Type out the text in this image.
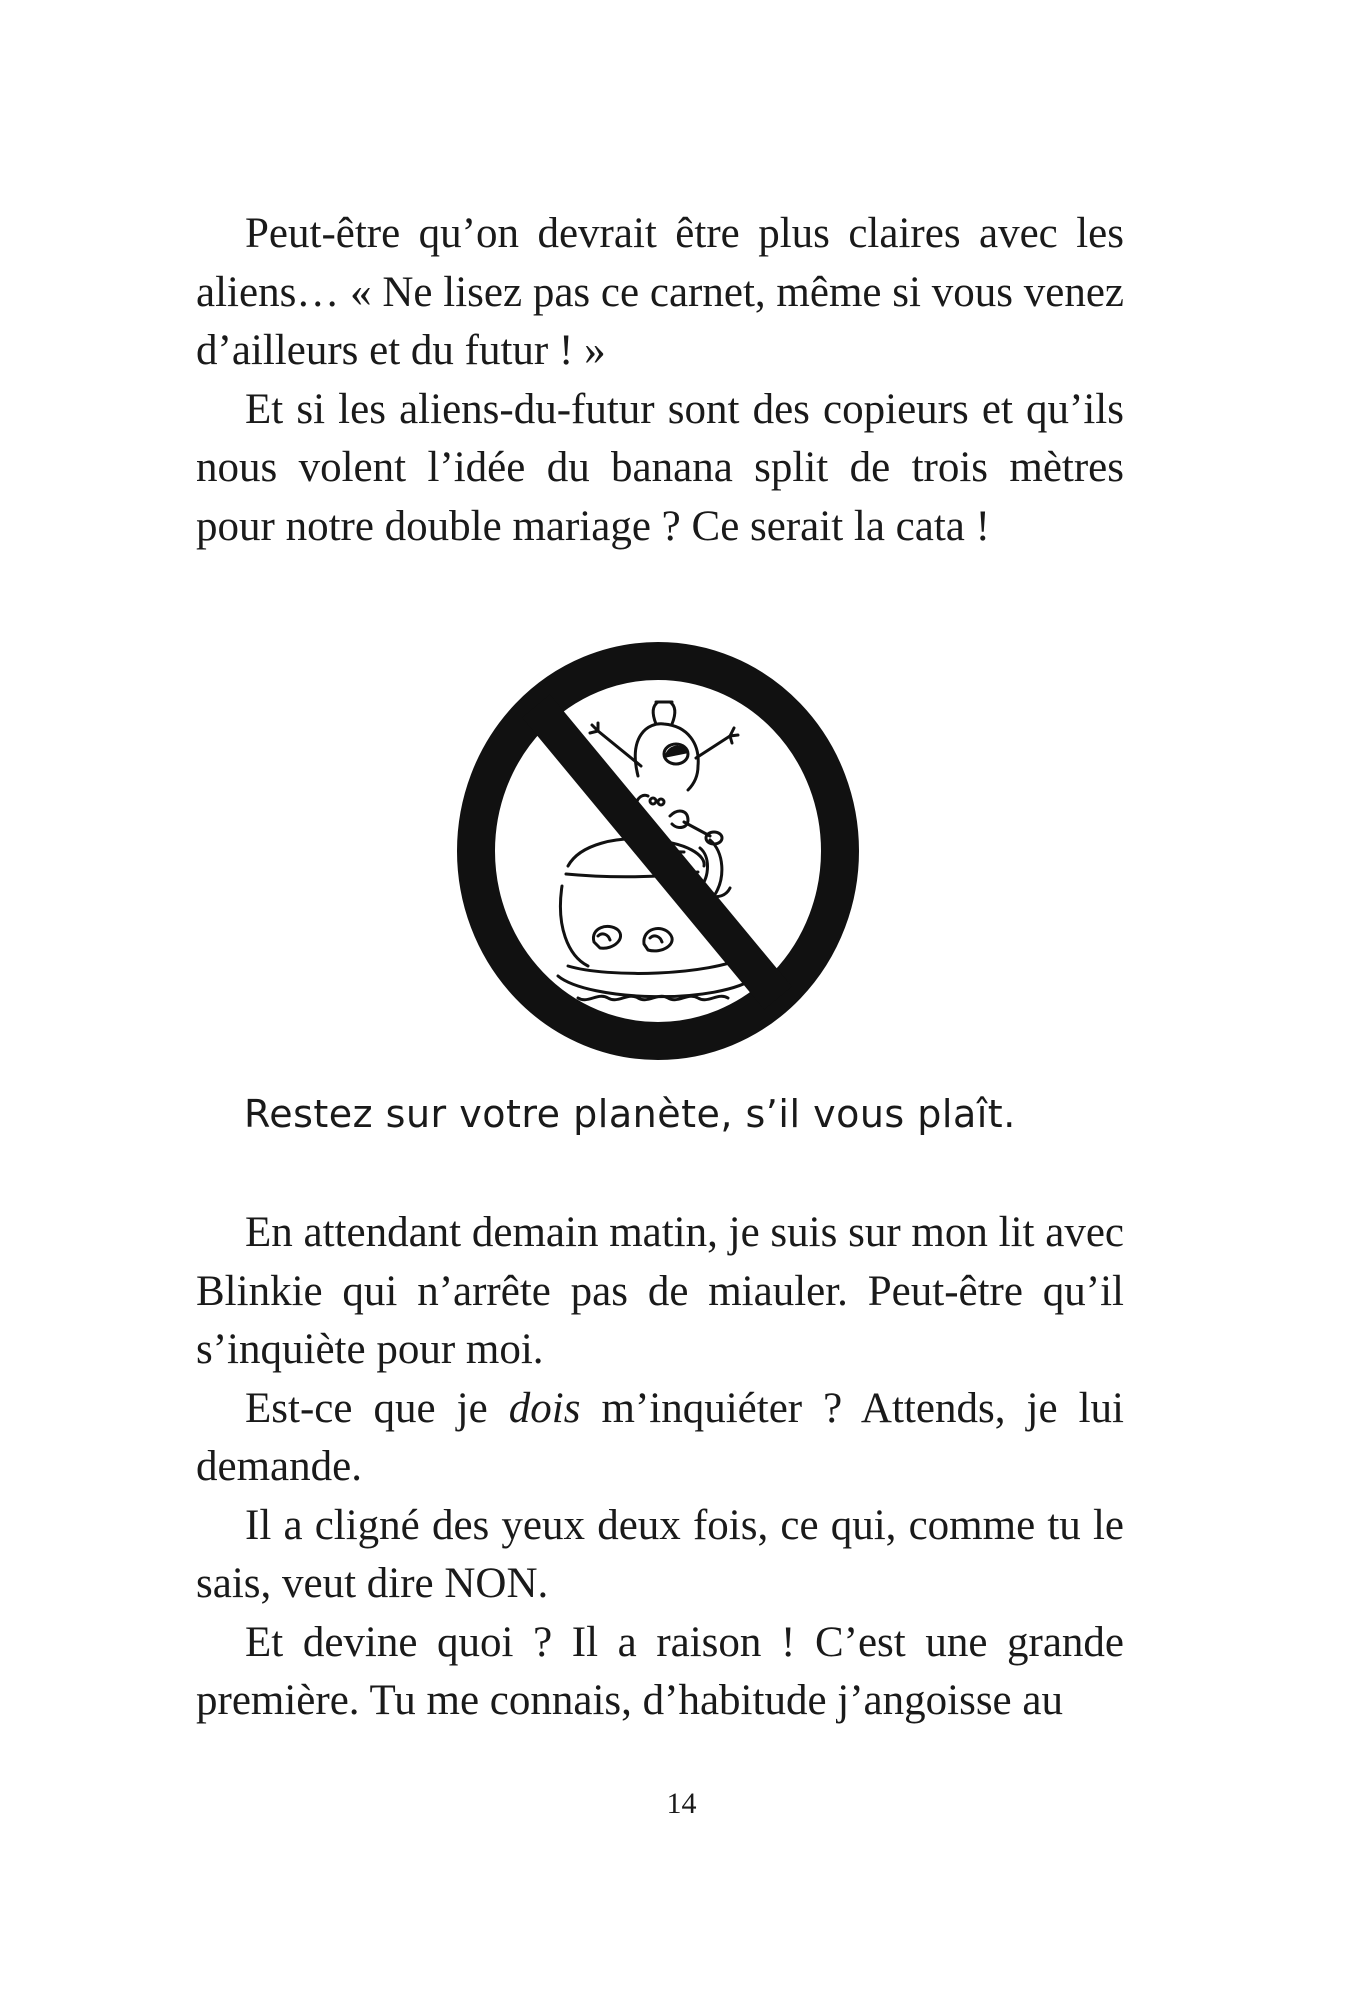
Peut-être qu’on devrait être plus claires avec les aliens… « Ne lisez pas ce carnet, même si vous venez d’ailleurs et du futur ! »

Et si les aliens-du-futur sont des copieurs et qu’ils nous volent l’idée du banana split de trois mètres pour notre double mariage ? Ce serait la cata !

Restez sur votre planète, s’il vous plaît.

En attendant demain matin, je suis sur mon lit avec Blinkie qui n’arrête pas de miauler. Peut-être qu’il s’inquiète pour moi.

Est-ce que je dois m’inquiéter ? Attends, je lui demande.

Il a cligné des yeux deux fois, ce qui, comme tu le sais, veut dire NON.

Et devine quoi ? Il a raison ! C’est une grande première. Tu me connais, d’habitude j’angoisse au

14
